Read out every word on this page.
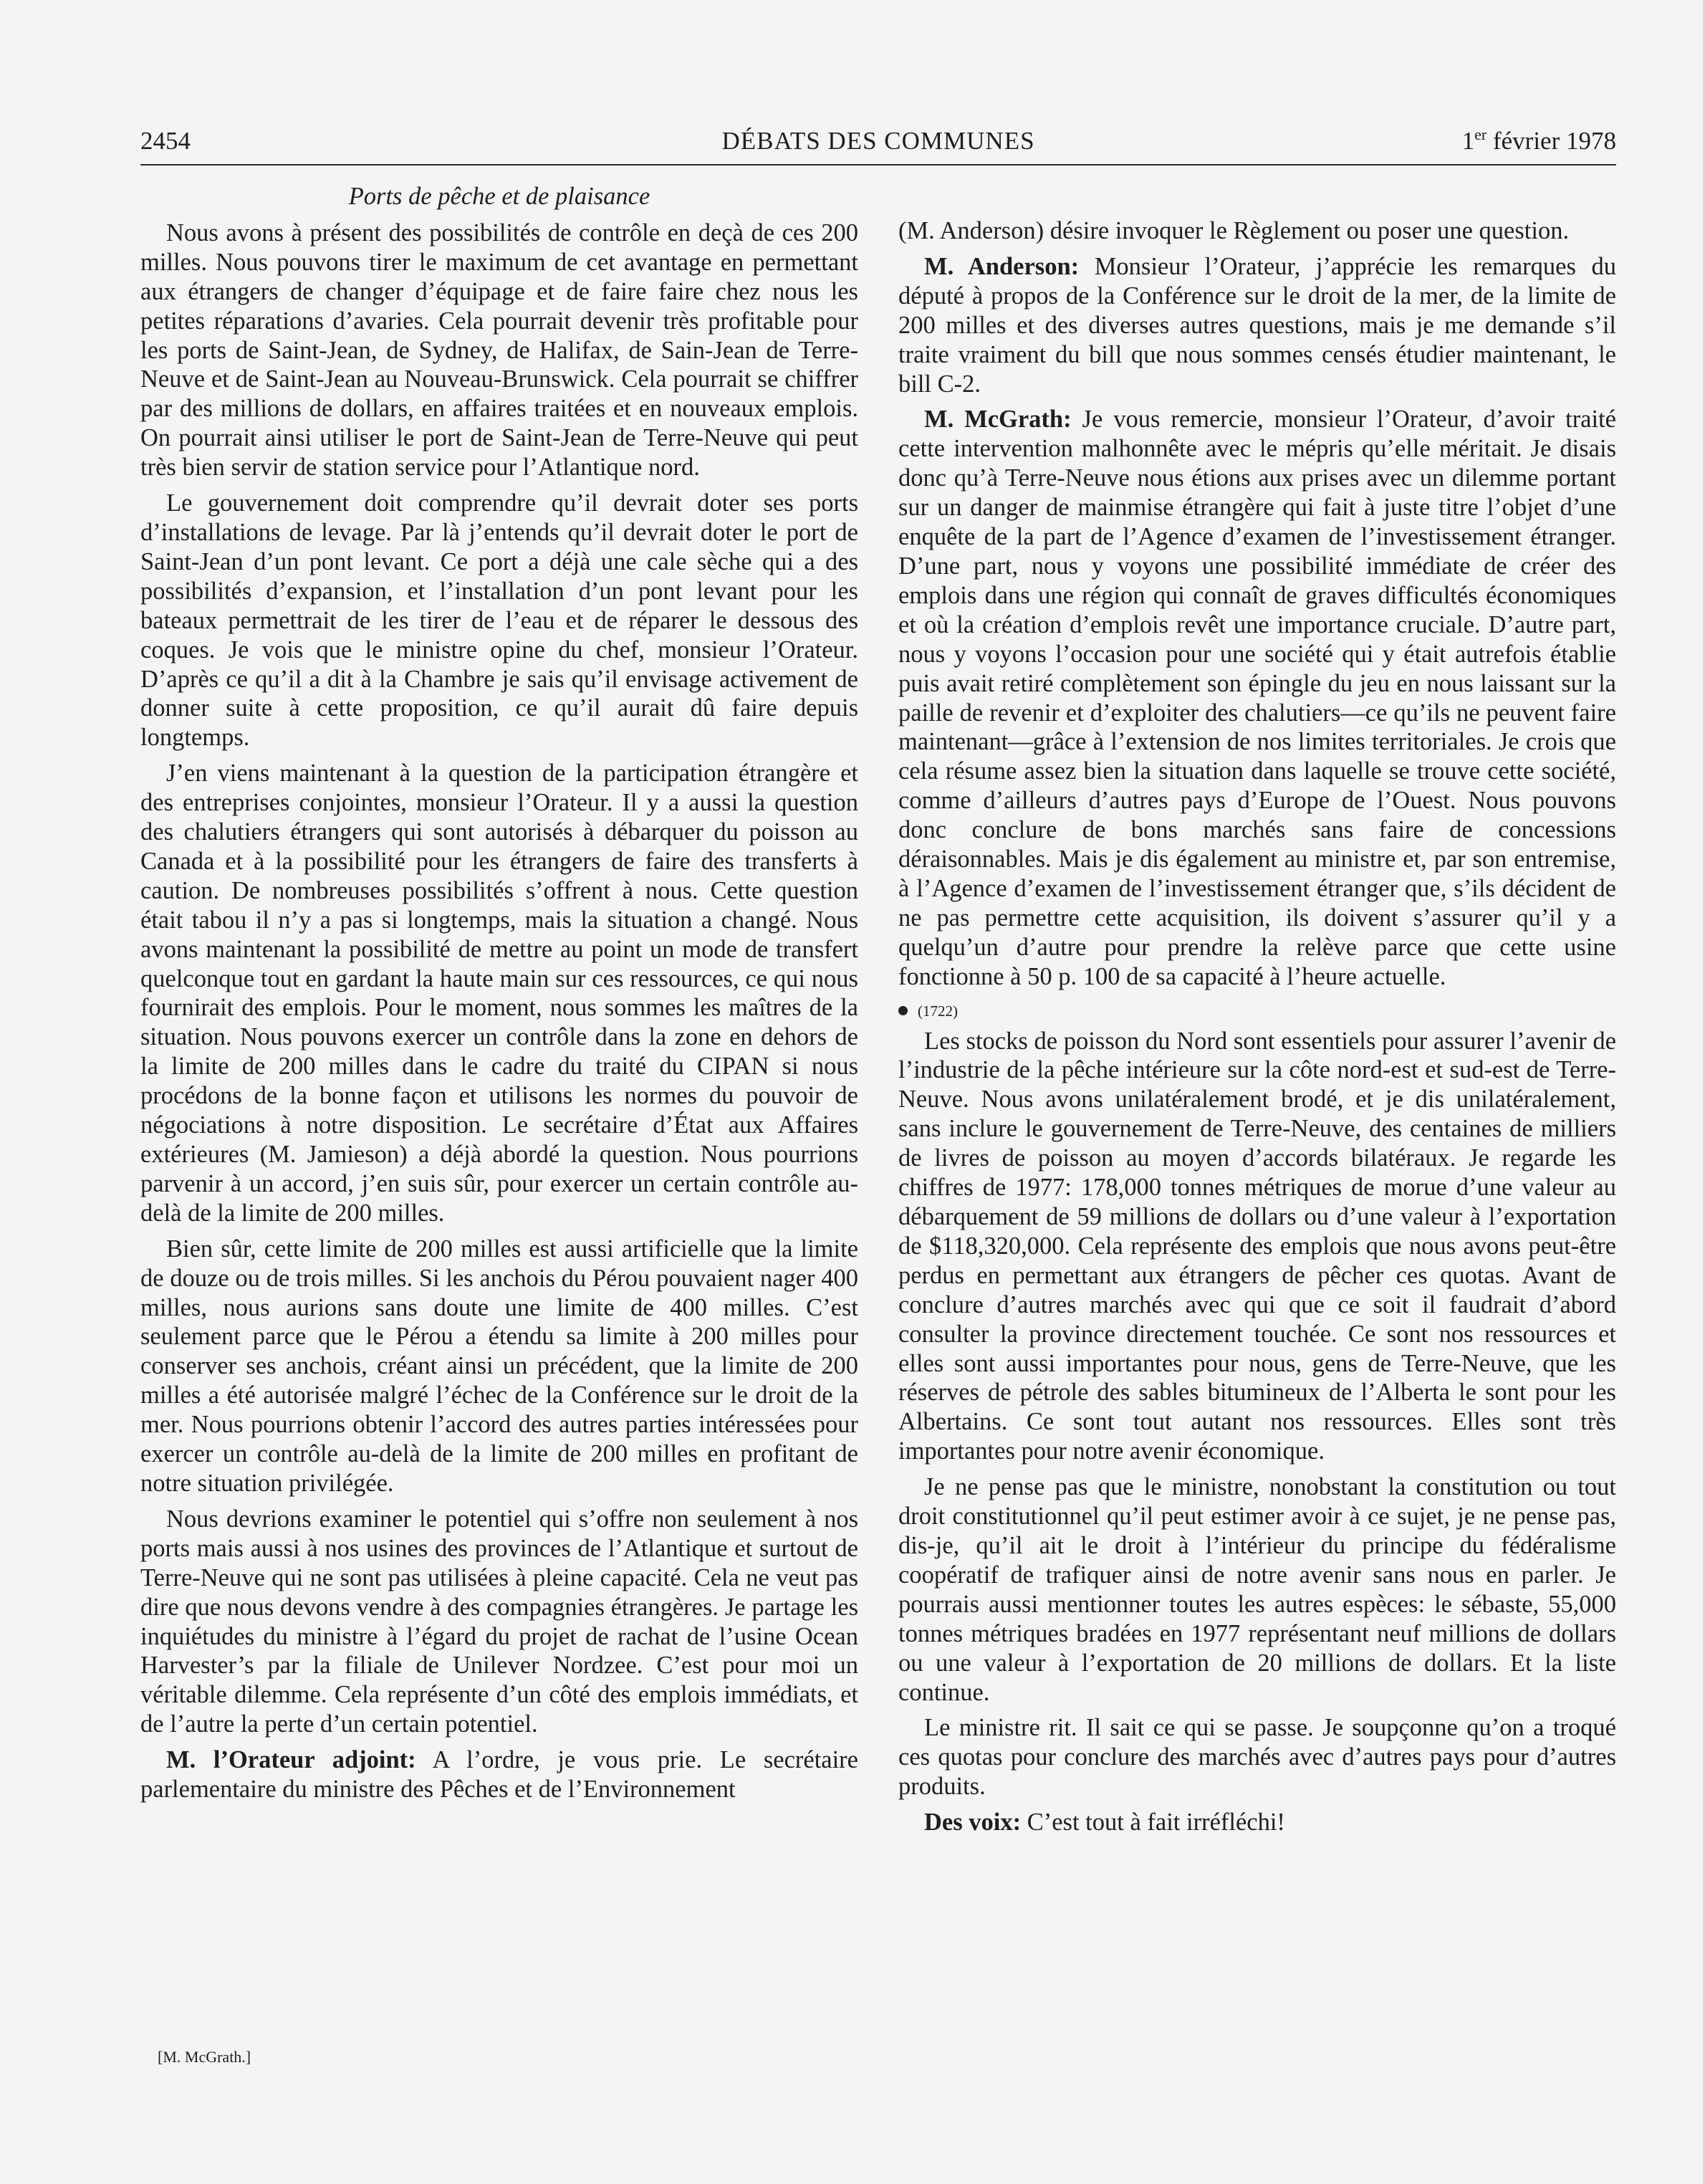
2454	DÉBATS DES COMMUNES	1er février 1978

Ports de pêche et de plaisance

Nous avons à présent des possibilités de contrôle en deçà de ces 200 milles. Nous pouvons tirer le maximum de cet avantage en permettant aux étrangers de changer d’équipage et de faire faire chez nous les petites réparations d’avaries. Cela pourrait devenir très profitable pour les ports de Saint-Jean, de Sydney, de Halifax, de Sain-Jean de Terre-Neuve et de Saint-Jean au Nouveau-Brunswick. Cela pourrait se chiffrer par des millions de dollars, en affaires traitées et en nouveaux emplois. On pourrait ainsi utiliser le port de Saint-Jean de Terre-Neuve qui peut très bien servir de station service pour l’Atlantique nord.

Le gouvernement doit comprendre qu’il devrait doter ses ports d’installations de levage. Par là j’entends qu’il devrait doter le port de Saint-Jean d’un pont levant. Ce port a déjà une cale sèche qui a des possibilités d’expansion, et l’installation d’un pont levant pour les bateaux permettrait de les tirer de l’eau et de réparer le dessous des coques. Je vois que le ministre opine du chef, monsieur l’Orateur. D’après ce qu’il a dit à la Chambre je sais qu’il envisage activement de donner suite à cette proposition, ce qu’il aurait dû faire depuis longtemps.

J’en viens maintenant à la question de la participation étrangère et des entreprises conjointes, monsieur l’Orateur. Il y a aussi la question des chalutiers étrangers qui sont autorisés à débarquer du poisson au Canada et à la possibilité pour les étrangers de faire des transferts à caution. De nombreuses possibilités s’offrent à nous. Cette question était tabou il n’y a pas si longtemps, mais la situation a changé. Nous avons maintenant la possibilité de mettre au point un mode de transfert quelconque tout en gardant la haute main sur ces ressources, ce qui nous fournirait des emplois. Pour le moment, nous sommes les maîtres de la situation. Nous pouvons exercer un contrôle dans la zone en dehors de la limite de 200 milles dans le cadre du traité du CIPAN si nous procédons de la bonne façon et utilisons les normes du pouvoir de négociations à notre disposition. Le secrétaire d’État aux Affaires extérieures (M. Jamieson) a déjà abordé la question. Nous pourrions parvenir à un accord, j’en suis sûr, pour exercer un certain contrôle au-delà de la limite de 200 milles.

Bien sûr, cette limite de 200 milles est aussi artificielle que la limite de douze ou de trois milles. Si les anchois du Pérou pouvaient nager 400 milles, nous aurions sans doute une limite de 400 milles. C’est seulement parce que le Pérou a étendu sa limite à 200 milles pour conserver ses anchois, créant ainsi un précédent, que la limite de 200 milles a été autorisée malgré l’échec de la Conférence sur le droit de la mer. Nous pourrions obtenir l’accord des autres parties intéressées pour exercer un contrôle au-delà de la limite de 200 milles en profitant de notre situation privilégée.

Nous devrions examiner le potentiel qui s’offre non seulement à nos ports mais aussi à nos usines des provinces de l’Atlantique et surtout de Terre-Neuve qui ne sont pas utilisées à pleine capacité. Cela ne veut pas dire que nous devons vendre à des compagnies étrangères. Je partage les inquiétudes du ministre à l’égard du projet de rachat de l’usine Ocean Harvester’s par la filiale de Unilever Nordzee. C’est pour moi un véritable dilemme. Cela représente d’un côté des emplois immédiats, et de l’autre la perte d’un certain potentiel.

M. l’Orateur adjoint: A l’ordre, je vous prie. Le secrétaire parlementaire du ministre des Pêches et de l’Environnement

[M. McGrath.]

(M. Anderson) désire invoquer le Règlement ou poser une question.

M. Anderson: Monsieur l’Orateur, j’apprécie les remarques du député à propos de la Conférence sur le droit de la mer, de la limite de 200 milles et des diverses autres questions, mais je me demande s’il traite vraiment du bill que nous sommes censés étudier maintenant, le bill C-2.

M. McGrath: Je vous remercie, monsieur l’Orateur, d’avoir traité cette intervention malhonnête avec le mépris qu’elle méritait. Je disais donc qu’à Terre-Neuve nous étions aux prises avec un dilemme portant sur un danger de mainmise étrangère qui fait à juste titre l’objet d’une enquête de la part de l’Agence d’examen de l’investissement étranger. D’une part, nous y voyons une possibilité immédiate de créer des emplois dans une région qui connaît de graves difficultés économiques et où la création d’emplois revêt une importance cruciale. D’autre part, nous y voyons l’occasion pour une société qui y était autrefois établie puis avait retiré complètement son épingle du jeu en nous laissant sur la paille de revenir et d’exploiter des chalutiers—ce qu’ils ne peuvent faire maintenant—grâce à l’extension de nos limites territoriales. Je crois que cela résume assez bien la situation dans laquelle se trouve cette société, comme d’ailleurs d’autres pays d’Europe de l’Ouest. Nous pouvons donc conclure de bons marchés sans faire de concessions déraisonnables. Mais je dis également au ministre et, par son entremise, à l’Agence d’examen de l’investissement étranger que, s’ils décident de ne pas permettre cette acquisition, ils doivent s’assurer qu’il y a quelqu’un d’autre pour prendre la relève parce que cette usine fonctionne à 50 p. 100 de sa capacité à l’heure actuelle.

(1722)

Les stocks de poisson du Nord sont essentiels pour assurer l’avenir de l’industrie de la pêche intérieure sur la côte nord-est et sud-est de Terre-Neuve. Nous avons unilatéralement brodé, et je dis unilatéralement, sans inclure le gouvernement de Terre-Neuve, des centaines de milliers de livres de poisson au moyen d’accords bilatéraux. Je regarde les chiffres de 1977: 178,000 tonnes métriques de morue d’une valeur au débarquement de 59 millions de dollars ou d’une valeur à l’exportation de $118,320,000. Cela représente des emplois que nous avons peut-être perdus en permettant aux étrangers de pêcher ces quotas. Avant de conclure d’autres marchés avec qui que ce soit il faudrait d’abord consulter la province directement touchée. Ce sont nos ressources et elles sont aussi importantes pour nous, gens de Terre-Neuve, que les réserves de pétrole des sables bitumineux de l’Alberta le sont pour les Albertains. Ce sont tout autant nos ressources. Elles sont très importantes pour notre avenir économique.

Je ne pense pas que le ministre, nonobstant la constitution ou tout droit constitutionnel qu’il peut estimer avoir à ce sujet, je ne pense pas, dis-je, qu’il ait le droit à l’intérieur du principe du fédéralisme coopératif de trafiquer ainsi de notre avenir sans nous en parler. Je pourrais aussi mentionner toutes les autres espèces: le sébaste, 55,000 tonnes métriques bradées en 1977 représentant neuf millions de dollars ou une valeur à l’exportation de 20 millions de dollars. Et la liste continue.

Le ministre rit. Il sait ce qui se passe. Je soupçonne qu’on a troqué ces quotas pour conclure des marchés avec d’autres pays pour d’autres produits.

Des voix: C’est tout à fait irréfléchi!
